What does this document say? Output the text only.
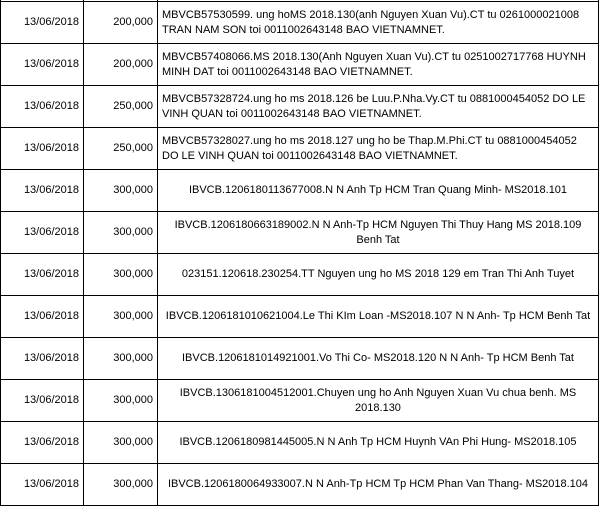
13/06/2018	200,000	MBVCB57530599. ung hoMS 2018.130(anh Nguyen Xuan Vu).CT tu 0261000021008 TRAN NAM SON toi 0011002643148 BAO VIETNAMNET.
13/06/2018	200,000	MBVCB57408066.MS 2018.130(Anh Nguyen Xuan Vu).CT tu 0251002717768 HUYNH MINH DAT toi 0011002643148 BAO VIETNAMNET.
13/06/2018	250,000	MBVCB57328724.ung ho ms 2018.126 be Luu.P.Nha.Vy.CT tu 0881000454052 DO LE VINH QUAN toi 0011002643148 BAO VIETNAMNET.
13/06/2018	250,000	MBVCB57328027.ung ho ms 2018.127 ung ho be Thap.M.Phi.CT tu 0881000454052 DO LE VINH QUAN toi 0011002643148 BAO VIETNAMNET.
13/06/2018	300,000	IBVCB.1206180113677008.N N Anh Tp HCM Tran Quang Minh- MS2018.101
13/06/2018	300,000	IBVCB.1206180663189002.N N Anh-Tp HCM Nguyen Thi Thuy Hang MS 2018.109 Benh Tat
13/06/2018	300,000	023151.120618.230254.TT Nguyen ung ho MS 2018 129 em Tran Thi Anh Tuyet
13/06/2018	300,000	IBVCB.1206181010621004.Le Thi KIm Loan -MS2018.107 N N Anh- Tp HCM Benh Tat
13/06/2018	300,000	IBVCB.1206181014921001.Vo Thi Co- MS2018.120 N N Anh- Tp HCM Benh Tat
13/06/2018	300,000	IBVCB.1306181004512001.Chuyen ung ho Anh Nguyen Xuan Vu chua benh. MS 2018.130
13/06/2018	300,000	IBVCB.1206180981445005.N N Anh Tp HCM Huynh VAn Phi Hung- MS2018.105
13/06/2018	300,000	IBVCB.1206180064933007.N N Anh-Tp HCM Tp HCM Phan Van Thang- MS2018.104
